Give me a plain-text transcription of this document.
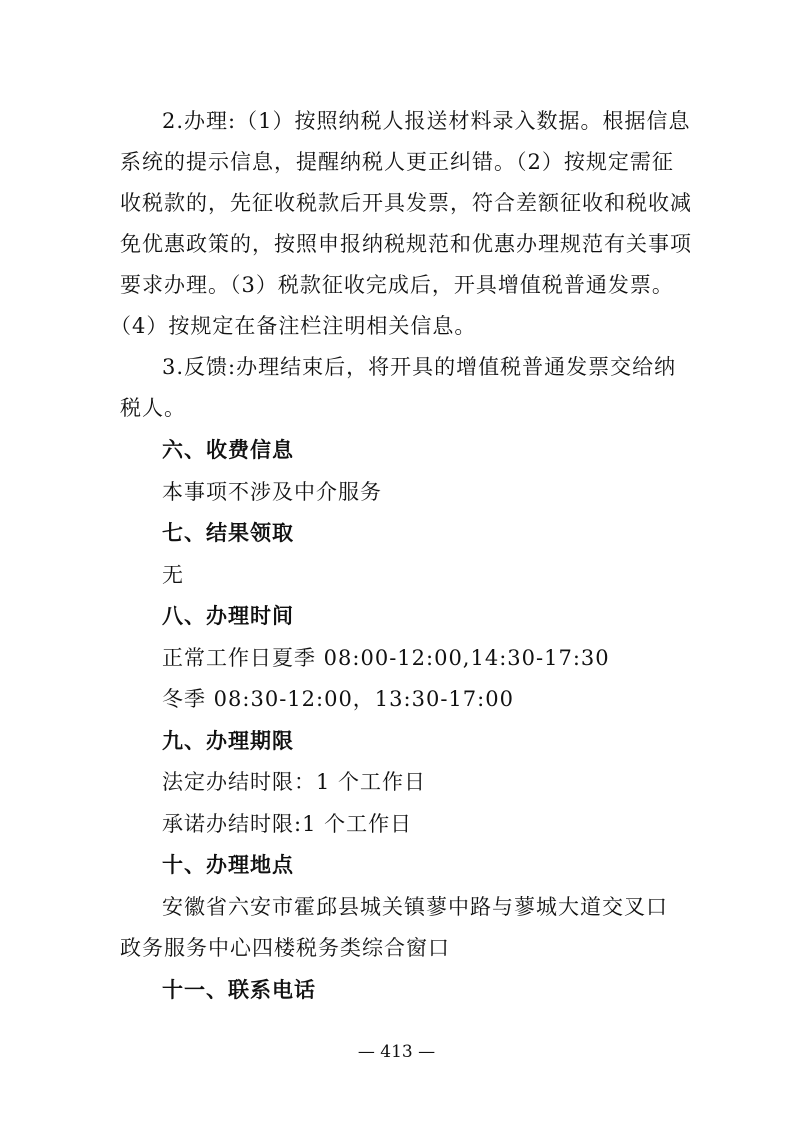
2.办理:（1）按照纳税人报送材料录入数据。根据信息
系统的提示信息，提醒纳税人更正纠错。（2）按规定需征
收税款的，先征收税款后开具发票，符合差额征收和税收减
免优惠政策的，按照申报纳税规范和优惠办理规范有关事项
要求办理。（3）税款征收完成后，开具增值税普通发票。
（4）按规定在备注栏注明相关信息。
3.反馈:办理结束后，将开具的增值税普通发票交给纳
税人。
六、收费信息
本事项不涉及中介服务
七、结果领取
无
八、办理时间
正常工作日夏季 08:00-12:00,14:30-17:30
冬季 08:30-12:00，13:30-17:00
九、办理期限
法定办结时限：1 个工作日
承诺办结时限:1 个工作日
十、办理地点
安徽省六安市霍邱县城关镇蓼中路与蓼城大道交叉口
政务服务中心四楼税务类综合窗口
十一、联系电话
— 413 —
